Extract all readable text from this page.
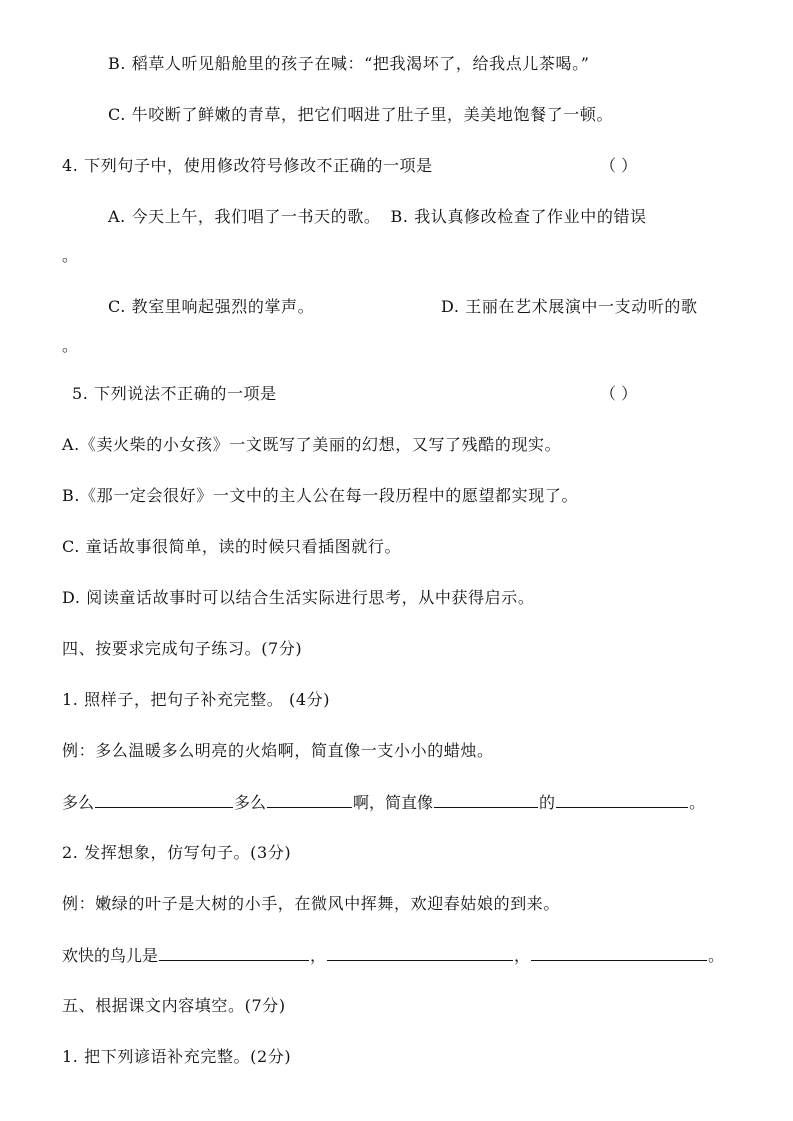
B. 稻草人听见船舱里的孩子在喊：“把我渴坏了，给我点儿茶喝。”
C. 牛咬断了鲜嫩的青草，把它们咽进了肚子里，美美地饱餐了一顿。
4. 下列句子中，使用修改符号修改不正确的一项是	（ ）
A. 今天上午，我们唱了一书天的歌。 B. 我认真修改检查了作业中的错误
。
C. 教室里响起强烈的掌声。	D. 王丽在艺术展演中一支动听的歌
。
5. 下列说法不正确的一项是	（ ）
A.《卖火柴的小女孩》一文既写了美丽的幻想，又写了残酷的现实。
B.《那一定会很好》一文中的主人公在每一段历程中的愿望都实现了。
C. 童话故事很简单，读的时候只看插图就行。
D. 阅读童话故事时可以结合生活实际进行思考，从中获得启示。
四、按要求完成句子练习。(7分)
1. 照样子，把句子补充完整。 (4分)
例：多么温暖多么明亮的火焰啊，简直像一支小小的蜡烛。
多么	多么	啊，简直像	的	。
2. 发挥想象，仿写句子。(3分)
例：嫩绿的叶子是大树的小手，在微风中挥舞，欢迎春姑娘的到来。
欢快的鸟儿是	，	，	。
五、根据课文内容填空。(7分)
1. 把下列谚语补充完整。(2分)
